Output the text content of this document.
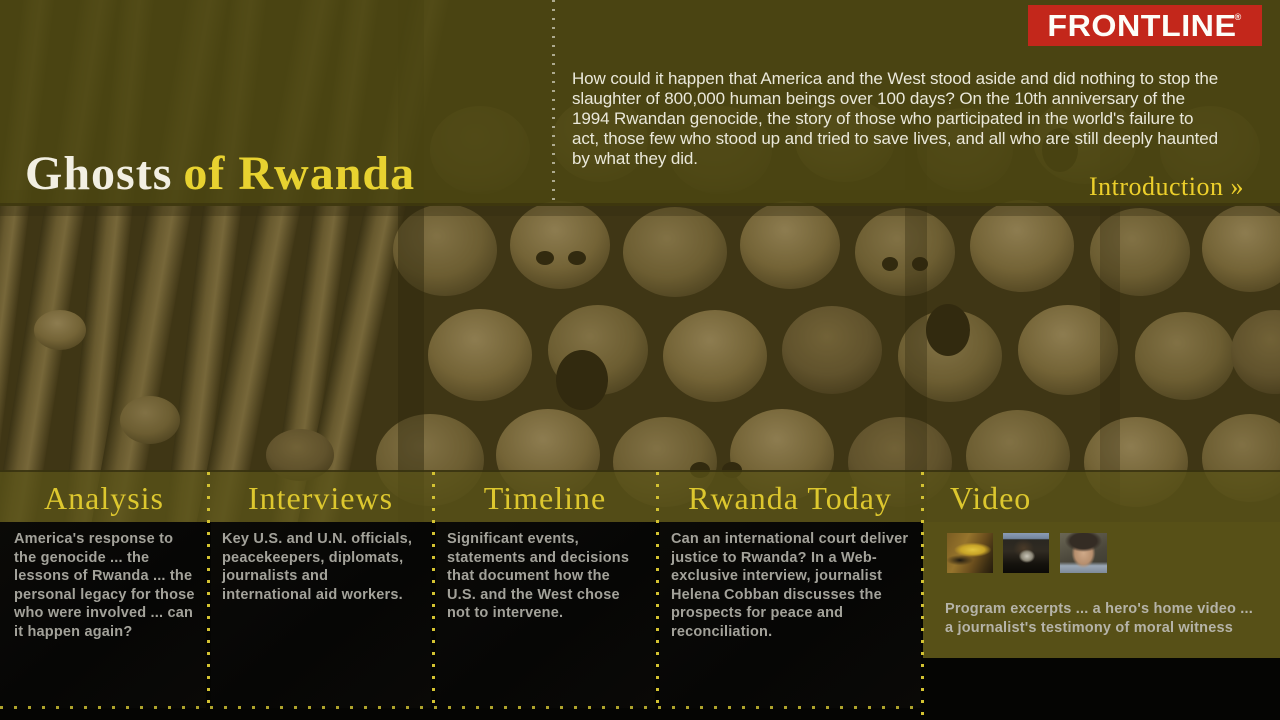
FRONTLINE
®
Ghosts of Rwanda
How could it happen that America and the West stood aside and did nothing to stop the slaughter of 800,000 human beings over 100 days? On the 10th anniversary of the 1994 Rwandan genocide, the story of those who participated in the world's failure to act, those few who stood up and tried to save lives, and all who are still deeply haunted by what they did.
Introduction »
Analysis	Interviews	Timeline	Rwanda Today	Video
America's response to the genocide ... the lessons of Rwanda ... the personal legacy for those who were involved ... can it happen again?
Key U.S. and U.N. officials, peacekeepers, diplomats, journalists and international aid workers.
Significant events, statements and decisions that document how the U.S. and the West chose not to intervene.
Can an international court deliver justice to Rwanda? In a Web-exclusive interview, journalist Helena Cobban discusses the prospects for peace and reconciliation.
Program excerpts ... a hero's home video ... a journalist's testimony of moral witness
